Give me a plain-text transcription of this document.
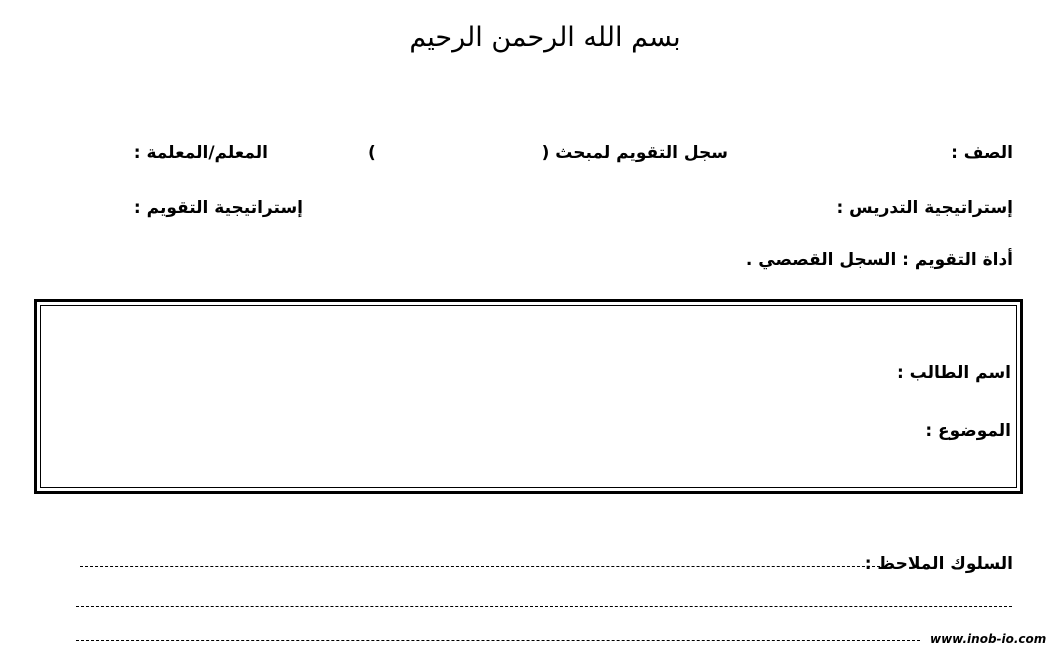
بسم الله الرحمن الرحيم
الصف :
سجل التقويم لمبحث (
)
المعلم/المعلمة :
إستراتيجية التدريس :
إستراتيجية التقويم :
أداة التقويم : السجل القصصي .
اسم الطالب :
الموضوع :
السلوك الملاحظ :
www.inob-io.com
